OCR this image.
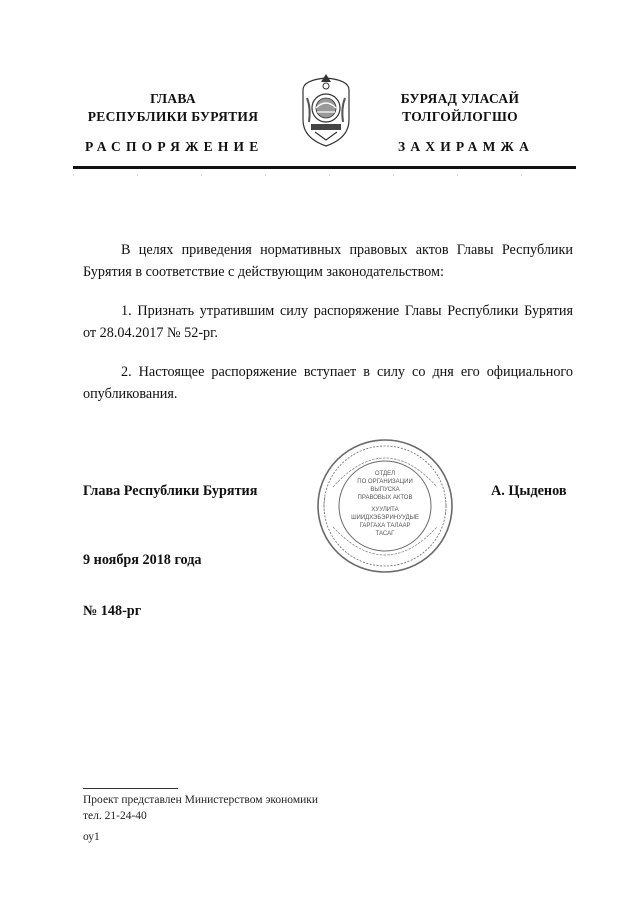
ГЛАВА
РЕСПУБЛИКИ БУРЯТИЯ
БУРЯАД УЛАСАЙ
ТОЛГОЙЛОГШО
РАСПОРЯЖЕНИЕ	ЗАХИРАМЖА

В целях приведения нормативных правовых актов Главы Республики Бурятия в соответствие с действующим законодательством:

1. Признать утратившим силу распоряжение Главы Республики Бурятия от 28.04.2017 № 52-рг.

2. Настоящее распоряжение вступает в силу со дня его официального опубликования.

Глава Республики Бурятия
ОТДЕЛ
ПО ОРГАНИЗАЦИИ
ВЫПУСКА
ПРАВОВЫХ АКТОВ
ХУУЛИТА
ШИИДХЭБЭРИНУУДЫЕ
ГАРГАХА ТАЛААР
ТАСАГ
А. Цыденов
9 ноября 2018 года
№ 148-рг
Проект представлен Министерством экономики
тел. 21-24-40
оу1
